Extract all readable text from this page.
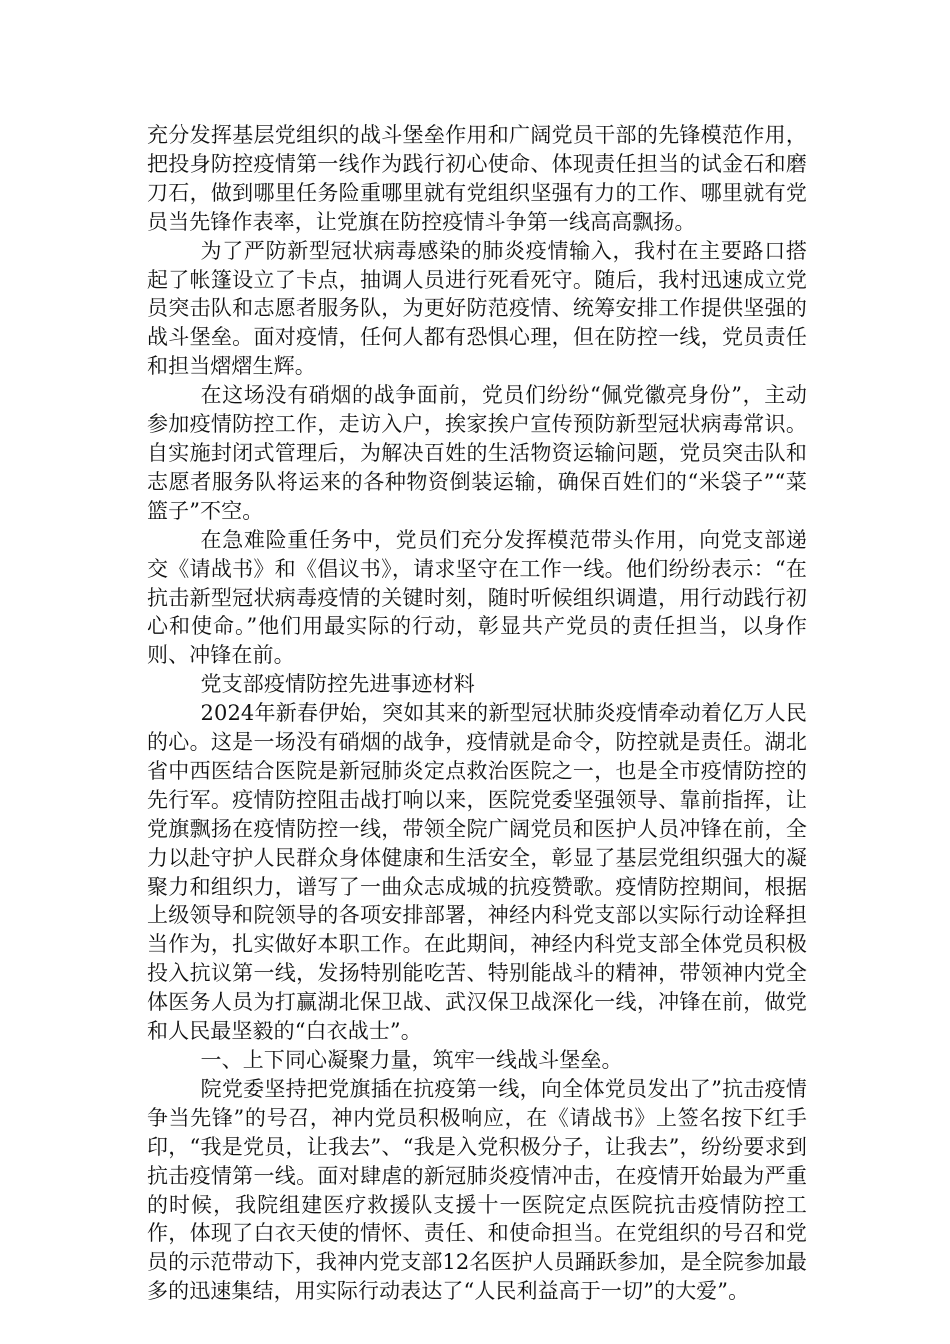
充分发挥基层党组织的战斗堡垒作用和广阔党员干部的先锋模范作用，把投身防控疫情第一线作为践行初心使命、体现责任担当的试金石和磨刀石，做到哪里任务险重哪里就有党组织坚强有力的工作、哪里就有党员当先锋作表率，让党旗在防控疫情斗争第一线高高飘扬。

为了严防新型冠状病毒感染的肺炎疫情输入，我村在主要路口搭起了帐篷设立了卡点，抽调人员进行死看死守。随后，我村迅速成立党员突击队和志愿者服务队，为更好防范疫情、统筹安排工作提供坚强的战斗堡垒。面对疫情，任何人都有恐惧心理，但在防控一线，党员责任和担当熠熠生辉。

在这场没有硝烟的战争面前，党员们纷纷“佩党徽亮身份”，主动参加疫情防控工作，走访入户，挨家挨户宣传预防新型冠状病毒常识。自实施封闭式管理后，为解决百姓的生活物资运输问题，党员突击队和志愿者服务队将运来的各种物资倒装运输，确保百姓们的“米袋子”“菜篮子”不空。

在急难险重任务中，党员们充分发挥模范带头作用，向党支部递交《请战书》和《倡议书》，请求坚守在工作一线。他们纷纷表示：“在抗击新型冠状病毒疫情的关键时刻，随时听候组织调遣，用行动践行初心和使命。”他们用最实际的行动，彰显共产党员的责任担当，以身作则、冲锋在前。

党支部疫情防控先进事迹材料

2024年新春伊始，突如其来的新型冠状肺炎疫情牵动着亿万人民的心。这是一场没有硝烟的战争，疫情就是命令，防控就是责任。湖北省中西医结合医院是新冠肺炎定点救治医院之一，也是全市疫情防控的先行军。疫情防控阻击战打响以来，医院党委坚强领导、靠前指挥，让党旗飘扬在疫情防控一线，带领全院广阔党员和医护人员冲锋在前，全力以赴守护人民群众身体健康和生活安全，彰显了基层党组织强大的凝聚力和组织力，谱写了一曲众志成城的抗疫赞歌。疫情防控期间，根据上级领导和院领导的各项安排部署，神经内科党支部以实际行动诠释担当作为，扎实做好本职工作。在此期间，神经内科党支部全体党员积极投入抗议第一线，发扬特别能吃苦、特别能战斗的精神，带领神内党全体医务人员为打赢湖北保卫战、武汉保卫战深化一线，冲锋在前，做党和人民最坚毅的“白衣战士”。

一、上下同心凝聚力量，筑牢一线战斗堡垒。

院党委坚持把党旗插在抗疫第一线，向全体党员发出了”抗击疫情争当先锋”的号召，神内党员积极响应，在《请战书》上签名按下红手印，“我是党员，让我去”、“我是入党积极分子，让我去”，纷纷要求到抗击疫情第一线。面对肆虐的新冠肺炎疫情冲击，在疫情开始最为严重的时候，我院组建医疗救援队支援十一医院定点医院抗击疫情防控工作，体现了白衣天使的情怀、责任、和使命担当。在党组织的号召和党员的示范带动下，我神内党支部12名医护人员踊跃参加，是全院参加最多的迅速集结，用实际行动表达了“人民利益高于一切”的大爱”。
